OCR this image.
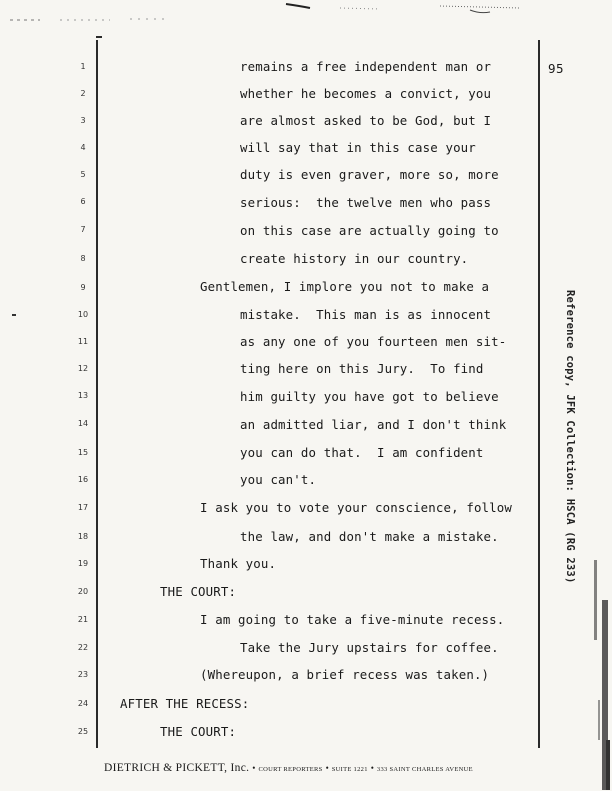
95
1
2
3
4
5
6
7
8
9
10
11
12
13
14
15
16
17
18
19
20
21
22
23
24
25
remains a free independent man or
whether he becomes a convict, you
are almost asked to be God, but I
will say that in this case your
duty is even graver, more so, more
serious:  the twelve men who pass
on this case are actually going to
create history in our country.
Gentlemen, I implore you not to make a
mistake.  This man is as innocent
as any one of you fourteen men sit-
ting here on this Jury.  To find
him guilty you have got to believe
an admitted liar, and I don't think
you can do that.  I am confident
you can't.
I ask you to vote your conscience, follow
the law, and don't make a mistake.
Thank you.
THE COURT:
I am going to take a five-minute recess.
Take the Jury upstairs for coffee.
(Whereupon, a brief recess was taken.)
AFTER THE RECESS:
THE COURT:
Reference copy, JFK Collection: HSCA (RG 233)
DIETRICH & PICKETT, Inc. • COURT REPORTERS • SUITE 1221 • 333 SAINT CHARLES AVENUE
